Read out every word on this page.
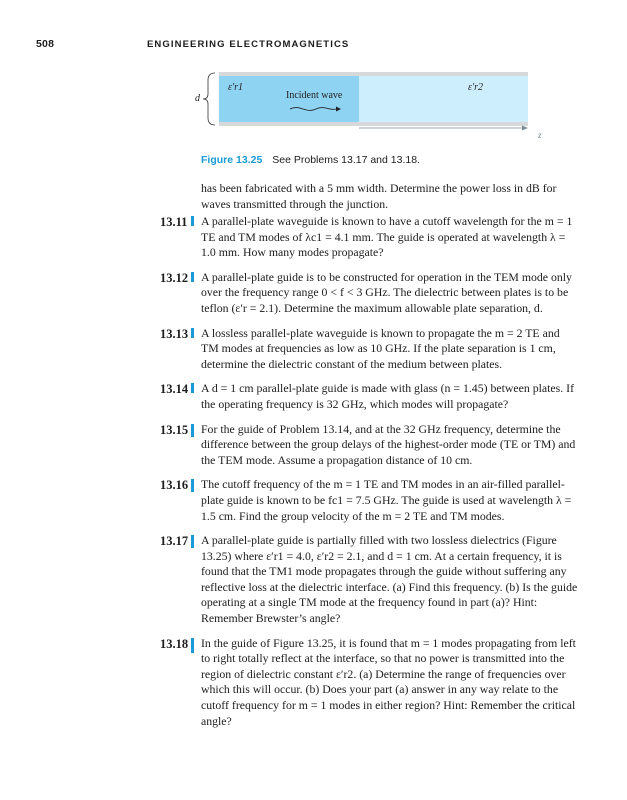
508	ENGINEERING ELECTROMAGNETICS
ε′r1	ε′r2
d	Incident wave
z
Figure 13.25 See Problems 13.17 and 13.18.
has been fabricated with a 5 mm width. Determine the power loss in dB for waves transmitted through the junction.
13.11 A parallel-plate waveguide is known to have a cutoff wavelength for the m = 1 TE and TM modes of λc1 = 4.1 mm. The guide is operated at wavelength λ = 1.0 mm. How many modes propagate?
13.12 A parallel-plate guide is to be constructed for operation in the TEM mode only over the frequency range 0 < f < 3 GHz. The dielectric between plates is to be teflon (ε′r = 2.1). Determine the maximum allowable plate separation, d.
13.13 A lossless parallel-plate waveguide is known to propagate the m = 2 TE and TM modes at frequencies as low as 10 GHz. If the plate separation is 1 cm, determine the dielectric constant of the medium between plates.
13.14 A d = 1 cm parallel-plate guide is made with glass (n = 1.45) between plates. If the operating frequency is 32 GHz, which modes will propagate?
13.15 For the guide of Problem 13.14, and at the 32 GHz frequency, determine the difference between the group delays of the highest-order mode (TE or TM) and the TEM mode. Assume a propagation distance of 10 cm.
13.16 The cutoff frequency of the m = 1 TE and TM modes in an air-filled parallel-plate guide is known to be fc1 = 7.5 GHz. The guide is used at wavelength λ = 1.5 cm. Find the group velocity of the m = 2 TE and TM modes.
13.17 A parallel-plate guide is partially filled with two lossless dielectrics (Figure 13.25) where ε′r1 = 4.0, ε′r2 = 2.1, and d = 1 cm. At a certain frequency, it is found that the TM1 mode propagates through the guide without suffering any reflective loss at the dielectric interface. (a) Find this frequency. (b) Is the guide operating at a single TM mode at the frequency found in part (a)? Hint: Remember Brewster’s angle?
13.18 In the guide of Figure 13.25, it is found that m = 1 modes propagating from left to right totally reflect at the interface, so that no power is transmitted into the region of dielectric constant ε′r2. (a) Determine the range of frequencies over which this will occur. (b) Does your part (a) answer in any way relate to the cutoff frequency for m = 1 modes in either region? Hint: Remember the critical angle?
